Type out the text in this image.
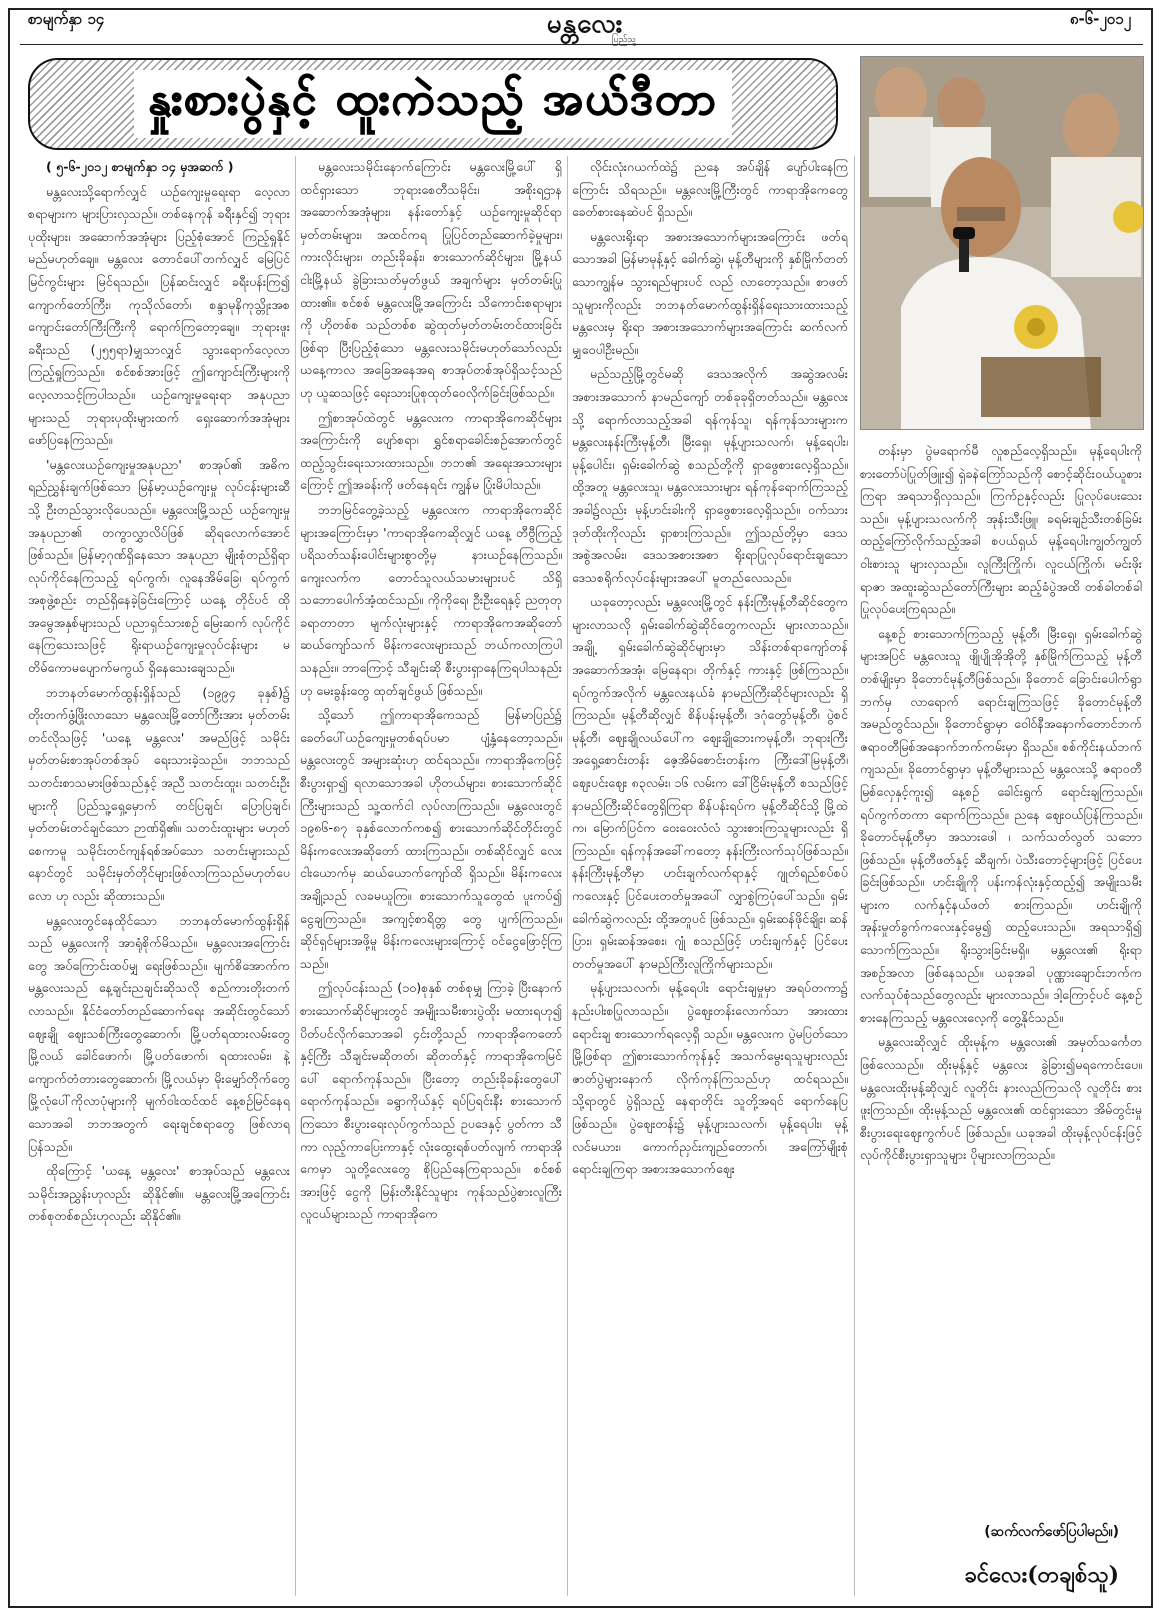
စာမျက်နှာ ၁၄	မန္တလေး
ပြည်သူ့
၈-၆-၂၀၁၂
နှုးစားပွဲနှင့် ထူးကဲသည့် အယ်ဒီတာ

( ၅-၆-၂၀၁၂ စာမျက်နှာ ၁၄ မှအဆက် )

မန္တလေးသို့ရောက်လျှင် ယဉ်ကျေးမှုရေးရာ လေ့လာစရာများက များပြားလှသည်။ တစ်နေကုန် ခရီးနှင်၍ ဘုရားပုထိုးများ၊ အဆောက်အအုံများ ပြည့်စုံအောင် ကြည့်ရှုနိုင်မည်မဟုတ်ချေ။ မန္တလေး တောင်ပေါ်တက်လျှင် မြေပြင်မြင်ကွင်းများ မြင်ရသည်။ ပြန်ဆင်းလျှင် ခရီးပန်းကြ၍ ကျောက်တော်ကြီး၊ ကုသိုလ်တော်၊ စန္ဒာမုနိကုသ္တိုးအစ ကျောင်းတော်ကြီးကြီးကို ရောက်ကြတော့ချေ။ ဘုရားဖူးခရီးသည် (၂၅၅ရာ)မျှသာလျှင် သွားရောက်လေ့လာ ကြည့်ရှုကြသည်။ စင်စစ်အားဖြင့် ဤကျောင်းကြီးများကို လေ့လာသင့်ကြပါသည်။ ယဉ်ကျေးမှုရေးရာ အနုပညာများသည် ဘုရားပုထိုးများထက် ရှေးဆောက်အအုံများ ဖော်ပြနေကြသည်။

'မန္တလေးယဉ်ကျေးမှုအနုပညာ' စာအုပ်၏ အဓိကရည်ညွှန်းချက်ဖြစ်သော မြန်မာ့ယဉ်ကျေးမှု လုပ်ငန်းများဆီသို့ ဦးတည်သွားလိုပေသည်။ မန္တလေးမြို့သည် ယဉ်ကျေးမှုအနုပညာ၏ တကွာလွှာလိပ်ဖြစ် ဆိုရလောက်အောင် ဖြစ်သည်။ မြန်မာ့ဂုဏ်ရှိနေသော အနုပညာ မျိုးစုံတည်ရှိရာ လုပ်ကိုင်နေကြသည့် ရပ်ကွက်၊ လူနေအိမ်ခြေ၊ ရပ်ကွက်အစုဖွဲ့စည်း တည်ရှိနေခဲ့ခြင်းကြောင့် ယနေ့ တိုင်ပင် ထိုအမွေအနှစ်များသည် ပညာရှင်သားစဉ် မြေးဆက် လုပ်ကိုင်နေကြသေးသဖြင့် ရိုးရာယဉ်ကျေးမှုလုပ်ငန်းများ မတိမ်ကောမပျောက်မကွယ် ရှိနေသေးချေသည်။

ဘဘနတ်မောက်ထွန်းရှိန်သည် (၁၉၉၄ ခုနှစ်)၌ တိုးတက်ဖွံ့ဖြိုးလာသော မန္တလေးမြို့တော်ကြီးအား မှတ်တမ်းတင်လိုသဖြင့် 'ယနေ့ မန္တလေး' အမည်ဖြင့် သမိုင်းမှတ်တမ်းစာအုပ်တစ်အုပ် ရေးသားခဲ့သည်။ ဘဘသည် သတင်းစာသမားဖြစ်သည်နှင့် အညီ သတင်းထူး၊ သတင်းဦးများကို ပြည်သူ့ရှေ့မှောက် တင်ပြချင်၊ ပြောပြချင်၊ မှတ်တမ်းတင်ချင်သော ဉာဏ်ရှိ၏။ သတင်းထူးများ မဟုတ်စေကာမူ သမိုင်းတင်ကျန်ရစ်အပ်သော သတင်းများသည် နောင်တွင် သမိုင်းမှတ်တိုင်များဖြစ်လာကြသည်မဟုတ်ပေလော ဟု လည်း ဆိုထားသည်။

မန္တလေးတွင်နေထိုင်သော ဘဘနတ်မောက်ထွန်းရှိန်သည် မန္တလေးကို အာရုံစိုက်မိသည်။ မန္တလေးအကြောင်းတွေ အပ်ကြောင်းထပ်မျှ ရေးဖြစ်သည်။ မျက်စိအောက်က မန္တလေးသည် နေ့ချင်းညချင်းဆိုသလို စည်ကားတိုးတက်လာသည်။ နိုင်ငံတော်တည်ဆောက်ရေး အဆိုင်းတွင်သော် ဈေးချို ဈေးသစ်ကြီးတွေဆောက်၊ မြို့ပတ်ရထားလမ်းတွေ မြို့လယ် ခေါင်ဖောက်၊ မြို့ပတ်ဖောက်၊ ရထားလမ်း၊ နဲ့ကျောက်တံတားတွေဆောက်၊ မြို့လယ်မှာ မိုးမျှော်တိုက်တွေ မြို့လုံပေါ်ကိုလာပုံများကို မျက်ဝါးထင်ထင် နေ့စဉ်မြင်နေရသောအခါ ဘဘအတွက် ရေးချင်စရာတွေ ဖြစ်လာရပြန်သည်။

ထိုကြောင့် 'ယနေ့ မန္တလေး' စာအုပ်သည် မန္တလေးသမိုင်းအညွှန်းဟုလည်း ဆိုနိုင်၏။ မန္တလေးမြို့အကြောင်း တစ်စုတစ်စည်းဟုလည်း ဆိုနိုင်၏။

မန္တလေးသမိုင်းနောက်ကြောင်း မန္တလေးမြို့ပေါ် ရှိ ထင်ရှားသော ဘုရားစေတီသမိုင်း၊ အစိုးရဌာန အဆောက်အအုံများ၊ နန်းတော်နှင့် ယဉ်ကျေးမှုဆိုင်ရာ မှတ်တမ်းများ၊ အထင်ကရ ပြုပြင်တည်ဆောက်ခဲ့မှုများ၊ ကားလိုင်းများ၊ တည်းခိုခန်း၊ စားသောက်ဆိုင်များ၊ မြို့နယ် ငါးမြို့နယ် ခွဲခြားသတ်မှတ်ဖွယ် အချက်များ မှတ်တမ်းပြုထား၏။ စင်စစ် မန္တလေးမြို့အကြောင်း သိကောင်းစရာများကို ဟိုတစ်စ သည်တစ်စ ဆွဲထုတ်မှတ်တမ်းတင်ထားခြင်းဖြစ်ရာ ပြီးပြည့်စုံသော မန္တလေးသမိုင်းမဟုတ်သော်လည်း ယနေ့ကာလ အခြေအနေအရ စာအုပ်တစ်အုပ်ရှိသင့်သည်ဟု ယူဆသဖြင့် ရေးသားပြုစုထုတ်ဝေလိုက်ခြင်းဖြစ်သည်။

ဤစာအုပ်ထဲတွင် မန္တလေးက ကာရာအိုကေဆိုင်များအကြောင်းကို ပျော်စရာ၊ ရွှင်စရာခေါင်းစဉ်အောက်တွင် ထည့်သွင်းရေးသားထားသည်။ ဘဘ၏ အရေးအသားများကြောင့် ဤအခန်းကို ဖတ်နေရင်း ကျွန်မ ပြုံးမိပါသည်။

ဘဘမြင်တွေ့ခဲ့သည့် မန္တလေးက ကာရာအိုကေဆိုင်များအကြောင်းမှာ 'ကာရာအိုကေဆိုလျှင် ယနေ့ တီဗွီကြည့် ပရိသတ်သန်းပေါင်းများစွာတို့မှ နားယဉ်နေကြသည်။ ကျေးလက်က တောင်သူလယ်သမားများပင် သိရှိသဘောပေါက်အံ့ထင်သည်။ ကိုကိုရေ၊ ဦးဦးရေနှင့် ညတုတု ခရာတာတာ မျက်လုံးများနှင့် ကာရာအိုကေအဆိုတော် ဆယ်ကျော်သက် မိန်းကလေးများသည် ဘယ်ကလာကြပါသနည်း။ ဘာကြောင့် သီချင်းဆို စီးပွားရှာနေကြရပါသနည်းဟု မေးခွန်းတွေ ထုတ်ချင်ဖွယ် ဖြစ်သည်။

သို့သော် ဤကာရာအိုကေသည် မြန်မာပြည်၌ ခေတ်ပေါ်ယဉ်ကျေးမှုတစ်ရပ်ပမာ ပျံ့နှံ့နေတော့သည်။ မန္တလေးတွင် အများဆုံးဟု ထင်ရသည်။ ကာရာအိုကေဖြင့် စီးပွားရှာ၍ ရလာသောအခါ ဟိုတယ်များ၊ စားသောက်ဆိုင်ကြီးများသည် သူ့ထက်ငါ လုပ်လာကြသည်။ မန္တလေးတွင် ၁၉၈၆-၈၇ ခုနှစ်လောက်ကစ၍ စားသောက်ဆိုင်တိုင်းတွင် မိန်းကလေးအဆိုတော် ထားကြသည်။ တစ်ဆိုင်လျှင် လေးငါးယောက်မှ ဆယ်ယောက်ကျော်ထိ ရှိသည်။ မိန်းကလေးအချို့သည် လခမယူကြ။ စားသောက်သူတွေထံ ပူးကပ်၍ ငွေချကြသည်။ အကျင့်စာရိတ္တ တွေ ပျက်ကြသည်။ ဆိုင်ရှင်များအဖို့မူ မိန်းကလေးများကြောင့် ဝင်ငွေဖြောင့်ကြသည်။

ဤလုပ်ငန်းသည် (၁၀)စုနှစ် တစ်စုမျှ ကြာခဲ့ ပြီးနောက် စားသောက်ဆိုင်များတွင် အမျိုးသမီးစားပွဲထိုး မထားရဟု၍ ပိတ်ပင်လိုက်သောအခါ ၄င်းတို့သည် ကာရာအိုကေတော်နှင့်ကြီး သီချင်းမဆိုတတ်၊ ဆိုတတ်နှင့် ကာရာအိုကေမြင်ပေါ် ရောက်ကုန်သည်။ ပြီးတော့ တည်းခိုခန်းတွေပေါ် ရောက်ကုန်သည်။ ခရွာကိုယ်နှင့် ရပ်ပြရင်းနီး စားသောက်ကြသော စီးပွားရေးလုပ်ကွက်သည် ဥပဒေနှင့် ပွတ်ကာ သီကာ လုည့်ကာပြေးကာနှင့် လုံးထွေးရစ်ပတ်လျက် ကာရာအိုကေမှာ သူတို့လေးတွေ စိုပြည်နေကြရာသည်။ စင်စစ်အားဖြင့် ငွေကို မြန်းတီးနိုင်သူများ ကုန်သည်ပွဲစားလူကြီးလူငယ်များသည် ကာရာအိုကေ

လိုင်းလုံးဂယက်ထဲ၌ ညနေ အပ်ချိန် ပျော်ပါးနေကြကြောင်း သိရသည်။ မန္တလေးမြို့ကြီးတွင် ကာရာအိုကေတွေ ခေတ်စားနေဆဲပင် ရှိသည်။

မန္တလေးရိုးရာ အစားအသောက်များအကြောင်း ဖတ်ရသောအခါ မြန်မာမုန့်နှင့် ခေါက်ဆွဲ၊ မုန့်တီများကို နှစ်မြိုက်တတ်သောကျွန်မ သွားရည်များပင် လည် လာတော့သည်။ စာဖတ်သူများကိုလည်း ဘဘနတ်မောက်ထွန်းရှိန်ရေးသားထားသည့် မန္တလေးမှ ရိုးရာ အစားအသောက်များအကြောင်း ဆက်လက်မျှဝေပါဦးမည်။

မည်သည့်မြို့တွင်မဆို ဒေသအလိုက် အဆွဲအလမ်း အစားအသောက် နာမည်ကျော် တစ်ခုခုရှိတတ်သည်။ မန္တလေးသို့ ရောက်လာသည့်အခါ ရန်ကုန်သူ၊ ရန်ကုန်သားများက မန္တလေးနန်းကြီးမုန့်တီ၊ မြီးရှေ၊ မုန့်ပျားသလက်၊ မုန့်ရေပါး၊ မုန့်ပေါင်း၊ ရှမ်းခေါက်ဆွဲ စသည်တို့ကို ရှာဖွေစားလေ့ရှိသည်။ ထို့အတူ မန္တလေးသူ၊ မန္တလေးသားများ ရန်ကုန်ရောက်ကြသည့်အခါ၌လည်း မုန့်ဟင်းခါးကို ရှာဖွေစားလေ့ရှိသည်။ ဝက်သားဒုတ်ထိုးကိုလည်း ရှာစားကြသည်။ ဤသည်တို့မှာ ဒေသအစွဲအလမ်း၊ ဒေသအစားအစာ ရိုးရာပြုလုပ်ရောင်းချသော ဒေသစရိုက်လုပ်ငန်းများအပေါ် မူတည်လေသည်။

ယခုတော့လည်း မန္တလေးမြို့တွင် နန်းကြီးမုန့်တီဆိုင်တွေက များလာသလို ရှမ်းခေါက်ဆွဲဆိုင်တွေကလည်း များလာသည်။ အချို့ ရှမ်းခေါက်ဆွဲဆိုင်များမှာ သိန်းတစ်ရာကျော်တန် အဆောက်အအုံ၊ မြေနေရာ၊ တိုက်နှင့် ကားနှင့် ဖြစ်ကြသည်။ ရပ်ကွက်အလိုက် မန္တလေးနယ်ခံ နာမည်ကြီးဆိုင်များလည်း ရှိကြသည်။ မုန့်တီဆိုလျှင် စိန်ပန်းမုန့်တီ၊ ဒဂုံတွော်မုန့်တီ၊ ပွဲစင်မုန့်တီ၊ ဈေးချိုလယ်ပေါ်က ဈေးချိုဘေးကမုန့်တီ၊ ဘုရားကြီးအရှေ့စောင်းတန်း ဇေ့အိမ်စောင်းတန်းက ကြီးဒေါ်မြမုန့်တီ၊ ဈေးပင်းဈေး ၈၃လမ်း၊ ၁၆ လမ်းက ဒေါ်ငြိမ်းမုန့်တီ စသည်ဖြင့် နာမည်ကြီးဆိုင်တွေရှိကြရာ စိန်ပန်းရပ်က မုန့်တီဆိုင်သို့ မြို့ထဲက၊ မြောက်ပြင်က ဝေးဝေးလံလံ သွားစားကြသူများလည်း ရှိကြသည်။ ရန်ကုန်အခေါ်ကတော့ နန်းကြီးလက်သုပ်ဖြစ်သည်။ နန်းကြီးမုန့်တီမှာ ဟင်းချက်လက်ရာနှင့် ဂျုတ်ရည်စပ်စပ်ကလေးနှင့် ပြင်ပေးတတ်မှုအပေါ် လျှာစွဲကြပုံပေါ်သည်။ ရှမ်းခေါက်ဆွဲကလည်း ထို့အတူပင် ဖြစ်သည်။ ရှမ်းဆန်ဖိုင်ချိုး၊ ဆန်ပြား၊ ရှမ်းဆန်အစေး၊ ဂျုံ စသည်ဖြင့် ဟင်းချက်နှင့် ပြင်ပေးတတ်မှုအပေါ် နာမည်ကြီးလူကြိုက်များသည်။

မုန့်ပျားသလက်၊ မုန့်ရေပါး ရောင်းချမှုမှာ အရပ်တကာ၌ နည်းပါးစပြုလာသည်။ ပွဲဈေးတန်းလောက်သာ အားထားရောင်းချ စားသောက်ရလေ့ရှိ သည်။ မန္တလေးက ပွဲမပြတ်သောမြို့ဖြစ်ရာ ဤစားသောက်ကုန်နှင့် အသက်မွေးရသူများလည်း ဇာတ်ပွဲများနောက် လိုက်ကုန်ကြသည်ဟု ထင်ရသည်။ သို့ရာတွင် ပွဲရှိသည့် နေရာတိုင်း သူတို့အရင် ရောက်နေပြဖြစ်သည်။ ပွဲဈေးတန်း၌ မုန့်ပျားသလက်၊ မုန့်ရေပါး၊ မုန့်လင်မယား၊ ကောက်ညှင်းကျည်တောက်၊ အကြော်မျိုးစုံ ရောင်းချကြရာ အစားအသောက်ဈေး

တန်းမှာ ပွဲမရောက်မီ လှုစည်လေ့ရှိသည်။ မုန့်ရေပါးကို စားတော်ပဲပြုတ်ဖြူး၍ ရှဲခနဲကြော်သည်ကို စောင့်ဆိုင်းဝယ်ယူစားကြရာ အရသာရှိလှသည်။ ကြက်ဥနှင့်လည်း ပြုလုပ်ပေးသေးသည်။ မုန့်ပျားသလက်ကို အုန်းသီးဖြူ၊ ခရမ်းချဉ်သီးတစ်ခြမ်းထည့်ကြော်လိုက်သည့်အခါ စပယ်ရှယ် မုန့်ရေပါးကျွတ်ကျွတ် ဝါးစားသူ များလှသည်။ လူကြီးကြိုက်၊ လူငယ်ကြိုက်၊ မင်းဖိုးရာဇာ အထူးဆွဲသည်တော်ကြီးများ ဆည့်ခံပွဲအထိ တစ်ခါတစ်ခါ ပြုလုပ်ပေးကြရသည်။

နေ့စဉ် စားသောက်ကြသည့် မုန့်တီ၊ မြီးရှေ၊ ရှမ်းခေါက်ဆွဲများအပြင် မန္တလေးသူ ဖျိုပျိုအိုအိုတို့ နှစ်မြိုက်ကြသည့် မုန့်တီတစ်မျိုးမှာ ခိုတောင်မုန့်တီဖြစ်သည်။ ခိုတောင် ခြောင်းပေါက်ရွာဘက်မှ လာရောက် ရောင်းချကြသဖြင့် ခိုတောင်မုန့်တီ အမည်တွင်သည်။ ခိုတောင်ရွာမှာ ဝေါဝ်နီအနောက်တောင်ဘက် ဇရာဝတီမြစ်အနောက်ဘက်ကမ်းမှာ ရှိသည်။ စစ်ကိုင်းနယ်ဘက်ကျသည်။ ခိုတောင်ရွာမှာ မုန့်တီများသည် မန္တလေးသို့ ဇရာဝတီမြစ်လှေနှင့်ကူး၍ နေ့စဉ် ခေါင်းရွက် ရောင်းချကြသည်။ ရပ်ကွက်တကာ ရောက်ကြသည်။ ညနေ ဈေးဝယ်ပြန်ကြသည်။ ခိုတောင်မုန့်တီမှာ အသားဖေါ ၊ သက်သတ်လွတ် သဘောဖြစ်သည်။ မုန့်တီဖတ်နှင့် ဆီချက်၊ ပဲသီးတောင့်များဖြင့် ပြင်ပေးခြင်းဖြစ်သည်။ ဟင်းချိုကို ပန်းကန်လုံးနှင့်ထည့်၍ အမျိုးသမီးများက လက်နှင့်နယ်ဖတ် စားကြသည်။ ဟင်းချိုကို အုန်းမှုတ်ခွက်ကလေးနှင့်မွေ၍ ထည့်ပေးသည်။ အရသာရှိ၍ သောက်ကြသည်။ ရိုးသွားခြင်းမရှိ။ မန္တလေး၏ ရိုးရာအစဉ်အလာ ဖြစ်နေသည်။ ယခုအခါ ပုဏ္ဏားချောင်းဘက်က လက်သုပ်စုံသည်တွေလည်း များလာသည်။ ဒါ့ကြောင့်ပင် နေ့စဉ် စားနေကြသည့် မန္တလေးလေ့ကို တွေ့နိုင်သည်။

မန္တလေးဆိုလျှင် ထိုးမုန့်က မန္တလေး၏ အမှတ်သင်္ကေတ ဖြစ်လေသည်။ ထိုးမုန့်နှင့် မန္တလေး ခွဲခြား၍မရကောင်းပေ။ မန္တလေးထိုးမုန့်ဆိုလျှင် လူတိုင်း နားလည်ကြသလို လူတိုင်း စားဖူးကြသည်။ ထိုးမုန့်သည် မန္တလေး၏ ထင်ရှားသော အိမ်တွင်းမှု စီးပွားရေးဈေးကွက်ပင် ဖြစ်သည်။ ယခုအခါ ထိုးမုန့်လုပ်ငန်းဖြင့် လုပ်ကိုင်စီးပွားရှာသူများ ပိုများလာကြသည်။

(ဆက်လက်ဖော်ပြပါမည်။)
ခင်လေး(တချစ်သူ)
